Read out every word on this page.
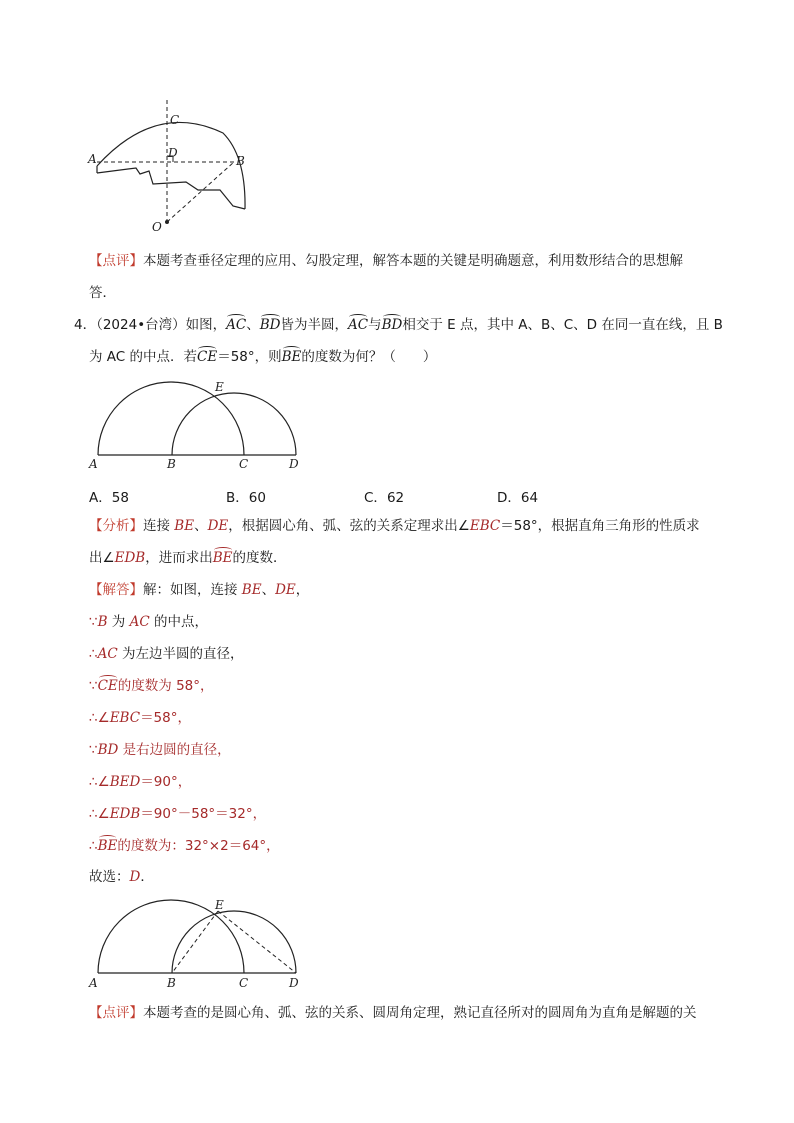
A	B
C
D
O
【点评】本题考查垂径定理的应用、勾股定理，解答本题的关键是明确题意，利用数形结合的思想解
答．
4．（2024•台湾）如图，AC、BD皆为半圆，AC与BD相交于 E 点，其中 A、B、C、D 在同一直在线，且 B
为 AC 的中点．若CE＝58°，则BE的度数为何？（　　）
E
A	B	C	D
A．58	B．60	C．62	D．64
【分析】连接 BE、DE，根据圆心角、弧、弦的关系定理求出∠EBC＝58°，根据直角三角形的性质求
出∠EDB，进而求出BE的度数．
【解答】解：如图，连接 BE、DE，
∵B 为 AC 的中点，
∴AC 为左边半圆的直径，
∵CE的度数为 58°，
∴∠EBC＝58°，
∵BD 是右边圆的直径，
∴∠BED＝90°，
∴∠EDB＝90°－58°＝32°，
∴BE的度数为：32°×2＝64°，
故选：D．
E
A	B	C	D
【点评】本题考查的是圆心角、弧、弦的关系、圆周角定理，熟记直径所对的圆周角为直角是解题的关
